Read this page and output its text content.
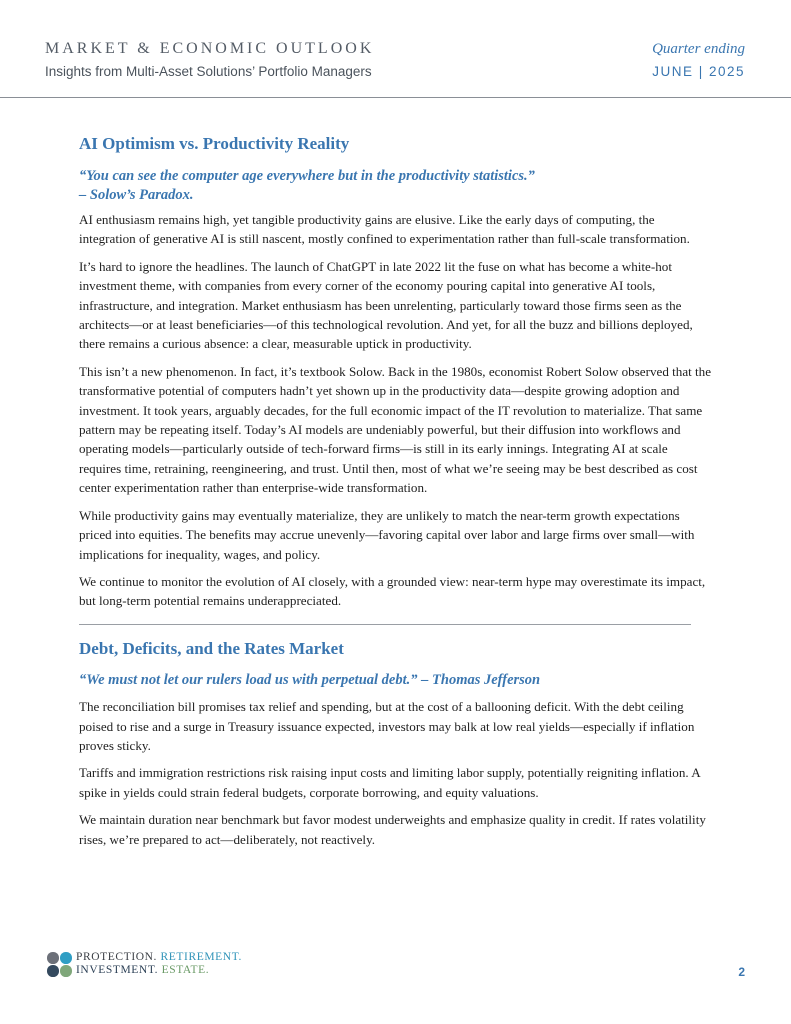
MARKET & ECONOMIC OUTLOOK
Insights from Multi-Asset Solutions’ Portfolio Managers
Quarter ending
JUNE | 2025
AI Optimism vs. Productivity Reality
“You can see the computer age everywhere but in the productivity statistics.”
– Solow’s Paradox.

AI enthusiasm remains high, yet tangible productivity gains are elusive. Like the early days of computing, the integration of generative AI is still nascent, mostly confined to experimentation rather than full-scale transformation.

It’s hard to ignore the headlines. The launch of ChatGPT in late 2022 lit the fuse on what has become a white-hot investment theme, with companies from every corner of the economy pouring capital into generative AI tools, infrastructure, and integration. Market enthusiasm has been unrelenting, particularly toward those firms seen as the architects—or at least beneficiaries—of this technological revolution. And yet, for all the buzz and billions deployed, there remains a curious absence: a clear, measurable uptick in productivity.

This isn’t a new phenomenon. In fact, it’s textbook Solow. Back in the 1980s, economist Robert Solow observed that the transformative potential of computers hadn’t yet shown up in the productivity data—despite growing adoption and investment. It took years, arguably decades, for the full economic impact of the IT revolution to materialize. That same pattern may be repeating itself. Today’s AI models are undeniably powerful, but their diffusion into workflows and operating models—particularly outside of tech-forward firms—is still in its early innings. Integrating AI at scale requires time, retraining, reengineering, and trust. Until then, most of what we’re seeing may be best described as cost center experimentation rather than enterprise-wide transformation.

While productivity gains may eventually materialize, they are unlikely to match the near-term growth expectations priced into equities. The benefits may accrue unevenly—favoring capital over labor and large firms over small—with implications for inequality, wages, and policy.

We continue to monitor the evolution of AI closely, with a grounded view: near-term hype may overestimate its impact, but long-term potential remains underappreciated.

Debt, Deficits, and the Rates Market
“We must not let our rulers load us with perpetual debt.” – Thomas Jefferson

The reconciliation bill promises tax relief and spending, but at the cost of a ballooning deficit. With the debt ceiling poised to rise and a surge in Treasury issuance expected, investors may balk at low real yields—especially if inflation proves sticky.

Tariffs and immigration restrictions risk raising input costs and limiting labor supply, potentially reigniting inflation. A spike in yields could strain federal budgets, corporate borrowing, and equity valuations.

We maintain duration near benchmark but favor modest underweights and emphasize quality in credit. If rates volatility rises, we’re prepared to act—deliberately, not reactively.

PROTECTION. RETIREMENT.
INVESTMENT. ESTATE.	2
